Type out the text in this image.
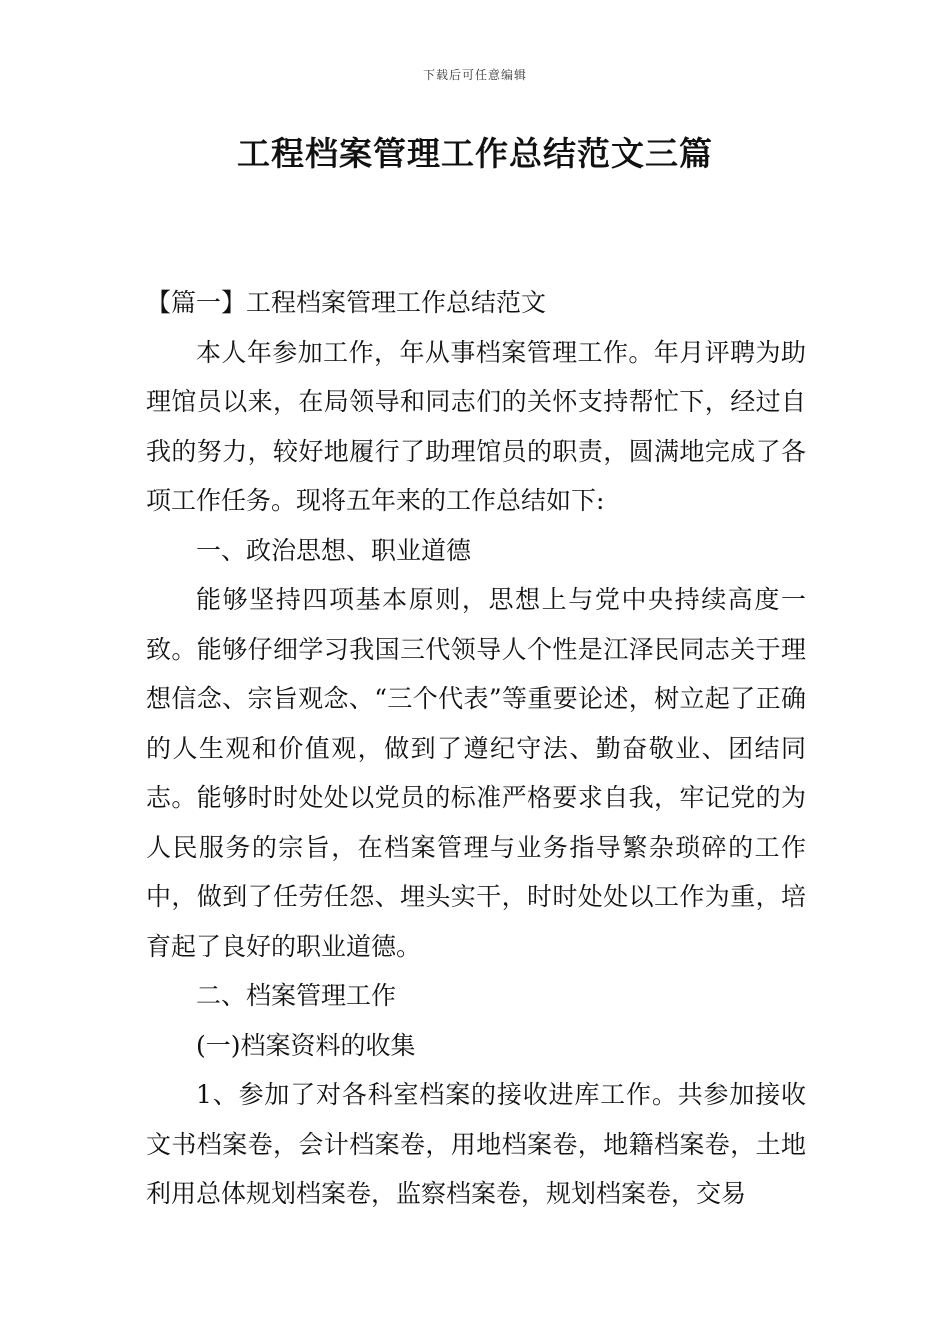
下载后可任意编辑
工程档案管理工作总结范文三篇

【篇一】工程档案管理工作总结范文

本人年参加工作，年从事档案管理工作。年月评聘为助理馆员以来，在局领导和同志们的关怀支持帮忙下，经过自我的努力，较好地履行了助理馆员的职责，圆满地完成了各项工作任务。现将五年来的工作总结如下:

一、政治思想、职业道德

能够坚持四项基本原则，思想上与党中央持续高度一致。能够仔细学习我国三代领导人个性是江泽民同志关于理想信念、宗旨观念、“三个代表”等重要论述，树立起了正确的人生观和价值观，做到了遵纪守法、勤奋敬业、团结同志。能够时时处处以党员的标准严格要求自我，牢记党的为人民服务的宗旨，在档案管理与业务指导繁杂琐碎的工作中，做到了任劳任怨、埋头实干，时时处处以工作为重，培育起了良好的职业道德。

二、档案管理工作

(一)档案资料的收集

1、参加了对各科室档案的接收进库工作。共参加接收文书档案卷，会计档案卷，用地档案卷，地籍档案卷，土地利用总体规划档案卷，监察档案卷，规划档案卷，交易
